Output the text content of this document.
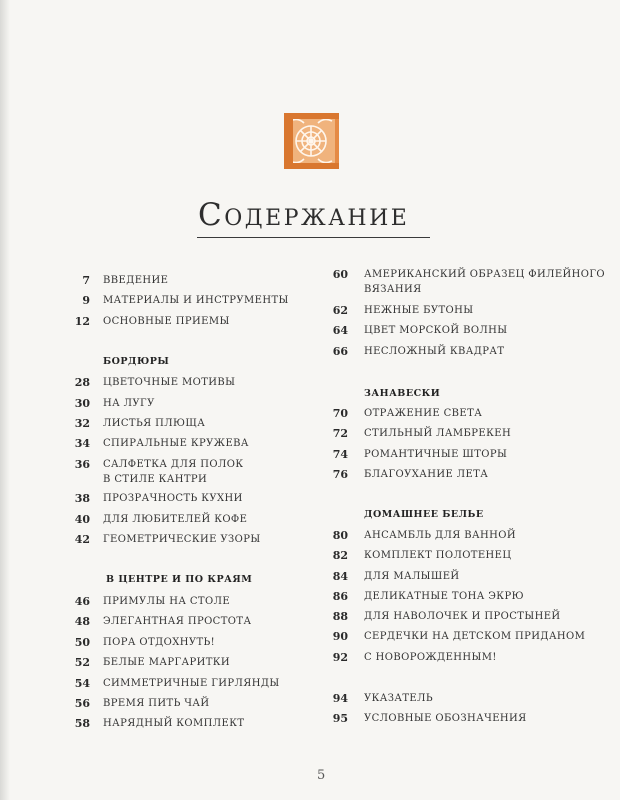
Содержание
7 ВВЕДЕНИЕ
9 МАТЕРИАЛЫ И ИНСТРУМЕНТЫ
12 ОСНОВНЫЕ ПРИЕМЫ
БОРДЮРЫ
28 ЦВЕТОЧНЫЕ МОТИВЫ
30 НА ЛУГУ
32 ЛИСТЬЯ ПЛЮЩА
34 СПИРАЛЬНЫЕ КРУЖЕВА
36 САЛФЕТКА ДЛЯ ПОЛОК
В СТИЛЕ КАНТРИ
38 ПРОЗРАЧНОСТЬ КУХНИ
40 ДЛЯ ЛЮБИТЕЛЕЙ КОФЕ
42 ГЕОМЕТРИЧЕСКИЕ УЗОРЫ
В ЦЕНТРЕ И ПО КРАЯМ
46 ПРИМУЛЫ НА СТОЛЕ
48 ЭЛЕГАНТНАЯ ПРОСТОТА
50 ПОРА ОТДОХНУТЬ!
52 БЕЛЫЕ МАРГАРИТКИ
54 СИММЕТРИЧНЫЕ ГИРЛЯНДЫ
56 ВРЕМЯ ПИТЬ ЧАЙ
58 НАРЯДНЫЙ КОМПЛЕКТ
60 АМЕРИКАНСКИЙ ОБРАЗЕЦ ФИЛЕЙНОГО
ВЯЗАНИЯ
62 НЕЖНЫЕ БУТОНЫ
64 ЦВЕТ МОРСКОЙ ВОЛНЫ
66 НЕСЛОЖНЫЙ КВАДРАТ
ЗАНАВЕСКИ
70 ОТРАЖЕНИЕ СВЕТА
72 СТИЛЬНЫЙ ЛАМБРЕКЕН
74 РОМАНТИЧНЫЕ ШТОРЫ
76 БЛАГОУХАНИЕ ЛЕТА
ДОМАШНЕЕ БЕЛЬЕ
80 АНСАМБЛЬ ДЛЯ ВАННОЙ
82 КОМПЛЕКТ ПОЛОТЕНЕЦ
84 ДЛЯ МАЛЫШЕЙ
86 ДЕЛИКАТНЫЕ ТОНА ЭКРЮ
88 ДЛЯ НАВОЛОЧЕК И ПРОСТЫНЕЙ
90 СЕРДЕЧКИ НА ДЕТСКОМ ПРИДАНОМ
92 С НОВОРОЖДЕННЫМ!
94 УКАЗАТЕЛЬ
95 УСЛОВНЫЕ ОБОЗНАЧЕНИЯ
5
